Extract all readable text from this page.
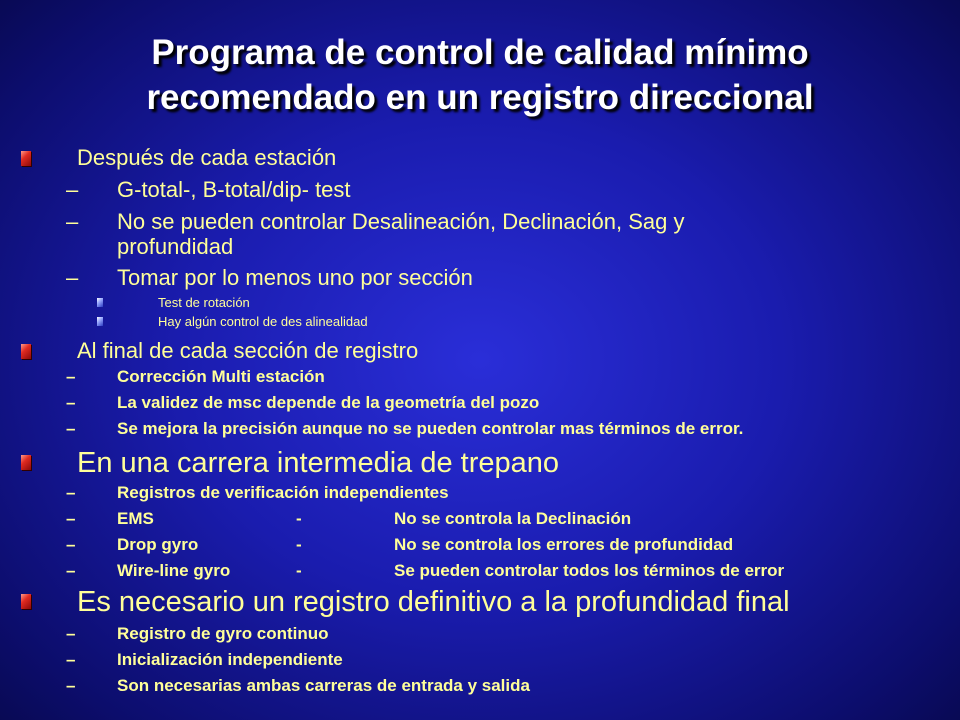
Programa de control de calidad mínimo
recomendado en un registro direccional
Después de cada estación
– G-total-, B-total/dip- test
– No se pueden controlar Desalineación, Declinación, Sag y
profundidad
– Tomar por lo menos uno por sección
Test de rotación
Hay algún control de des alinealidad
Al final de cada sección de registro
– Corrección Multi estación
– La validez de msc depende de la geometría del pozo
– Se mejora la precisión aunque no se pueden controlar mas términos de error.
En una carrera intermedia de trepano
– Registros de verificación independientes
– EMS	-	No se controla la Declinación
– Drop gyro	-	No se controla los errores de profundidad
– Wire-line gyro	-	Se pueden controlar todos los términos de error
Es necesario un registro definitivo a la profundidad final
– Registro de gyro continuo
– Inicialización independiente
– Son necesarias ambas carreras de entrada y salida
